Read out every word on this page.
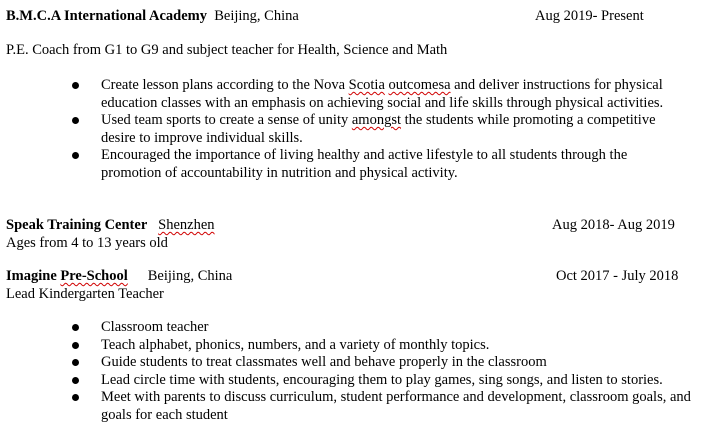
B.M.C.A International Academy Beijing, China	Aug 2019- Present
P.E. Coach from G1 to G9 and subject teacher for Health, Science and Math
Create lesson plans according to the Nova Scotia outcomesa and deliver instructions for physical
education classes with an emphasis on achieving social and life skills through physical activities.
Used team sports to create a sense of unity amongst the students while promoting a competitive
desire to improve individual skills.
Encouraged the importance of living healthy and active lifestyle to all students through the
promotion of accountability in nutrition and physical activity.
Speak Training Center Shenzhen	Aug 2018- Aug 2019
Ages from 4 to 13 years old
Imagine Pre-School Beijing, China	Oct 2017 - July 2018
Lead Kindergarten Teacher
Classroom teacher
Teach alphabet, phonics, numbers, and a variety of monthly topics.
Guide students to treat classmates well and behave properly in the classroom
Lead circle time with students, encouraging them to play games, sing songs, and listen to stories.
Meet with parents to discuss curriculum, student performance and development, classroom goals, and
goals for each student
